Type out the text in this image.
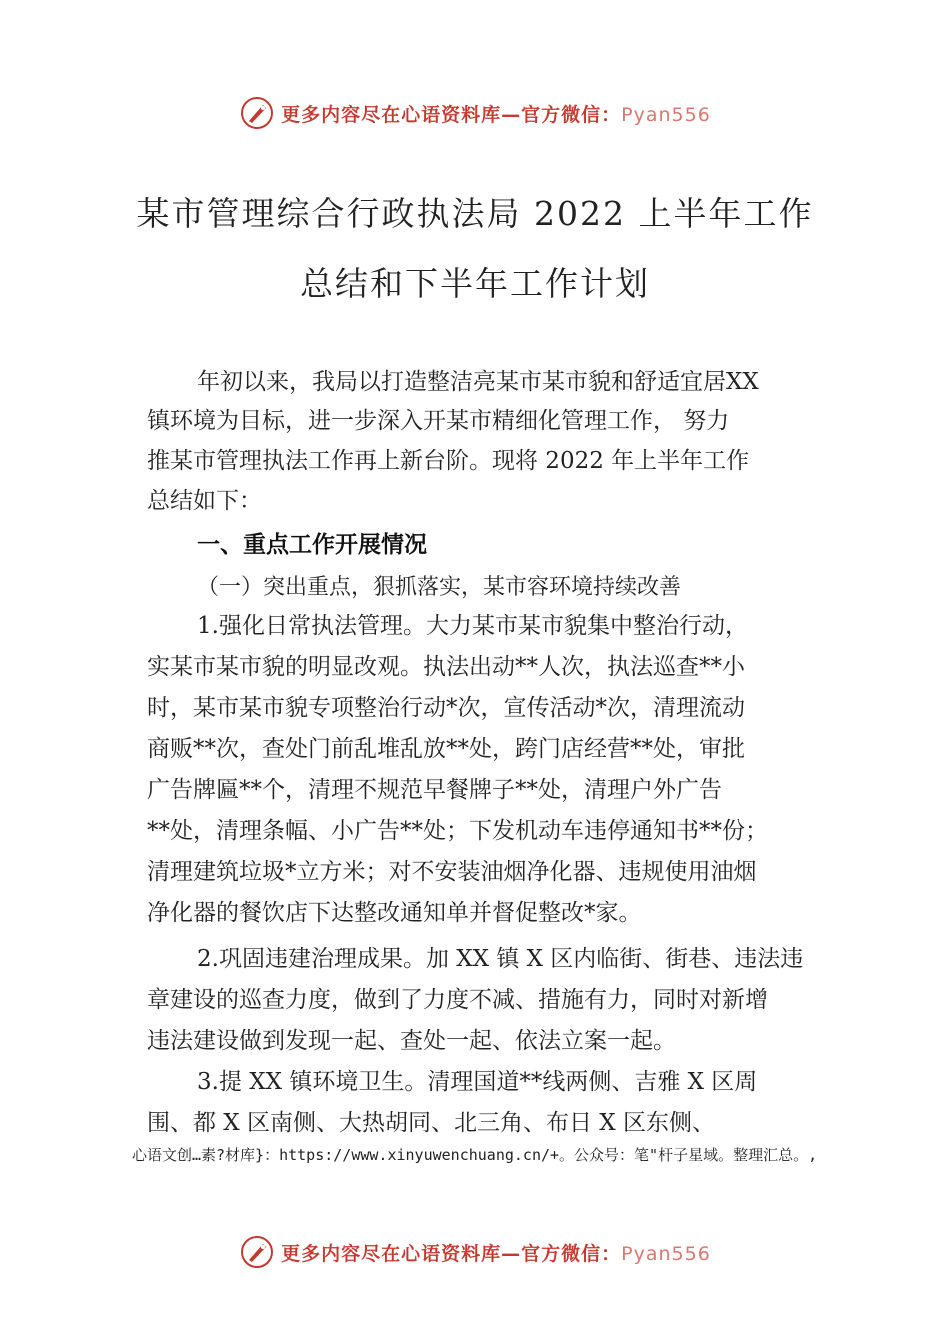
更多内容尽在心语资料库—官方微信：Pyan556
某市管理综合行政执法局 2022 上半年工作
总结和下半年工作计划
年初以来，我局以打造整洁亮某市某市貌和舒适宜居XX
镇环境为目标，进一步深入开某市精细化管理工作， 努力
推某市管理执法工作再上新台阶。现将 2022 年上半年工作
总结如下：
一、重点工作开展情况
（一）突出重点，狠抓落实，某市容环境持续改善
1.强化日常执法管理。大力某市某市貌集中整治行动，
实某市某市貌的明显改观。执法出动**人次，执法巡查**小
时，某市某市貌专项整治行动*次，宣传活动*次，清理流动
商贩**次，查处门前乱堆乱放**处，跨门店经营**处，审批
广告牌匾**个，清理不规范早餐牌子**处，清理户外广告
**处，清理条幅、小广告**处；下发机动车违停通知书**份；
清理建筑垃圾*立方米；对不安装油烟净化器、违规使用油烟
净化器的餐饮店下达整改通知单并督促整改*家。
2.巩固违建治理成果。加 XX 镇 X 区内临街、街巷、违法违
章建设的巡查力度，做到了力度不减、措施有力，同时对新增
违法建设做到发现一起、查处一起、依法立案一起。
3.提 XX 镇环境卫生。清理国道**线两侧、吉雅 X 区周
围、都 X 区南侧、大热胡同、北三角、布日 X 区东侧、
心语文创…素?材库}：https://www.xinyuwenchuang.cn/+。公众号：笔"杆子星域。整理汇总。,
更多内容尽在心语资料库—官方微信：Pyan556
